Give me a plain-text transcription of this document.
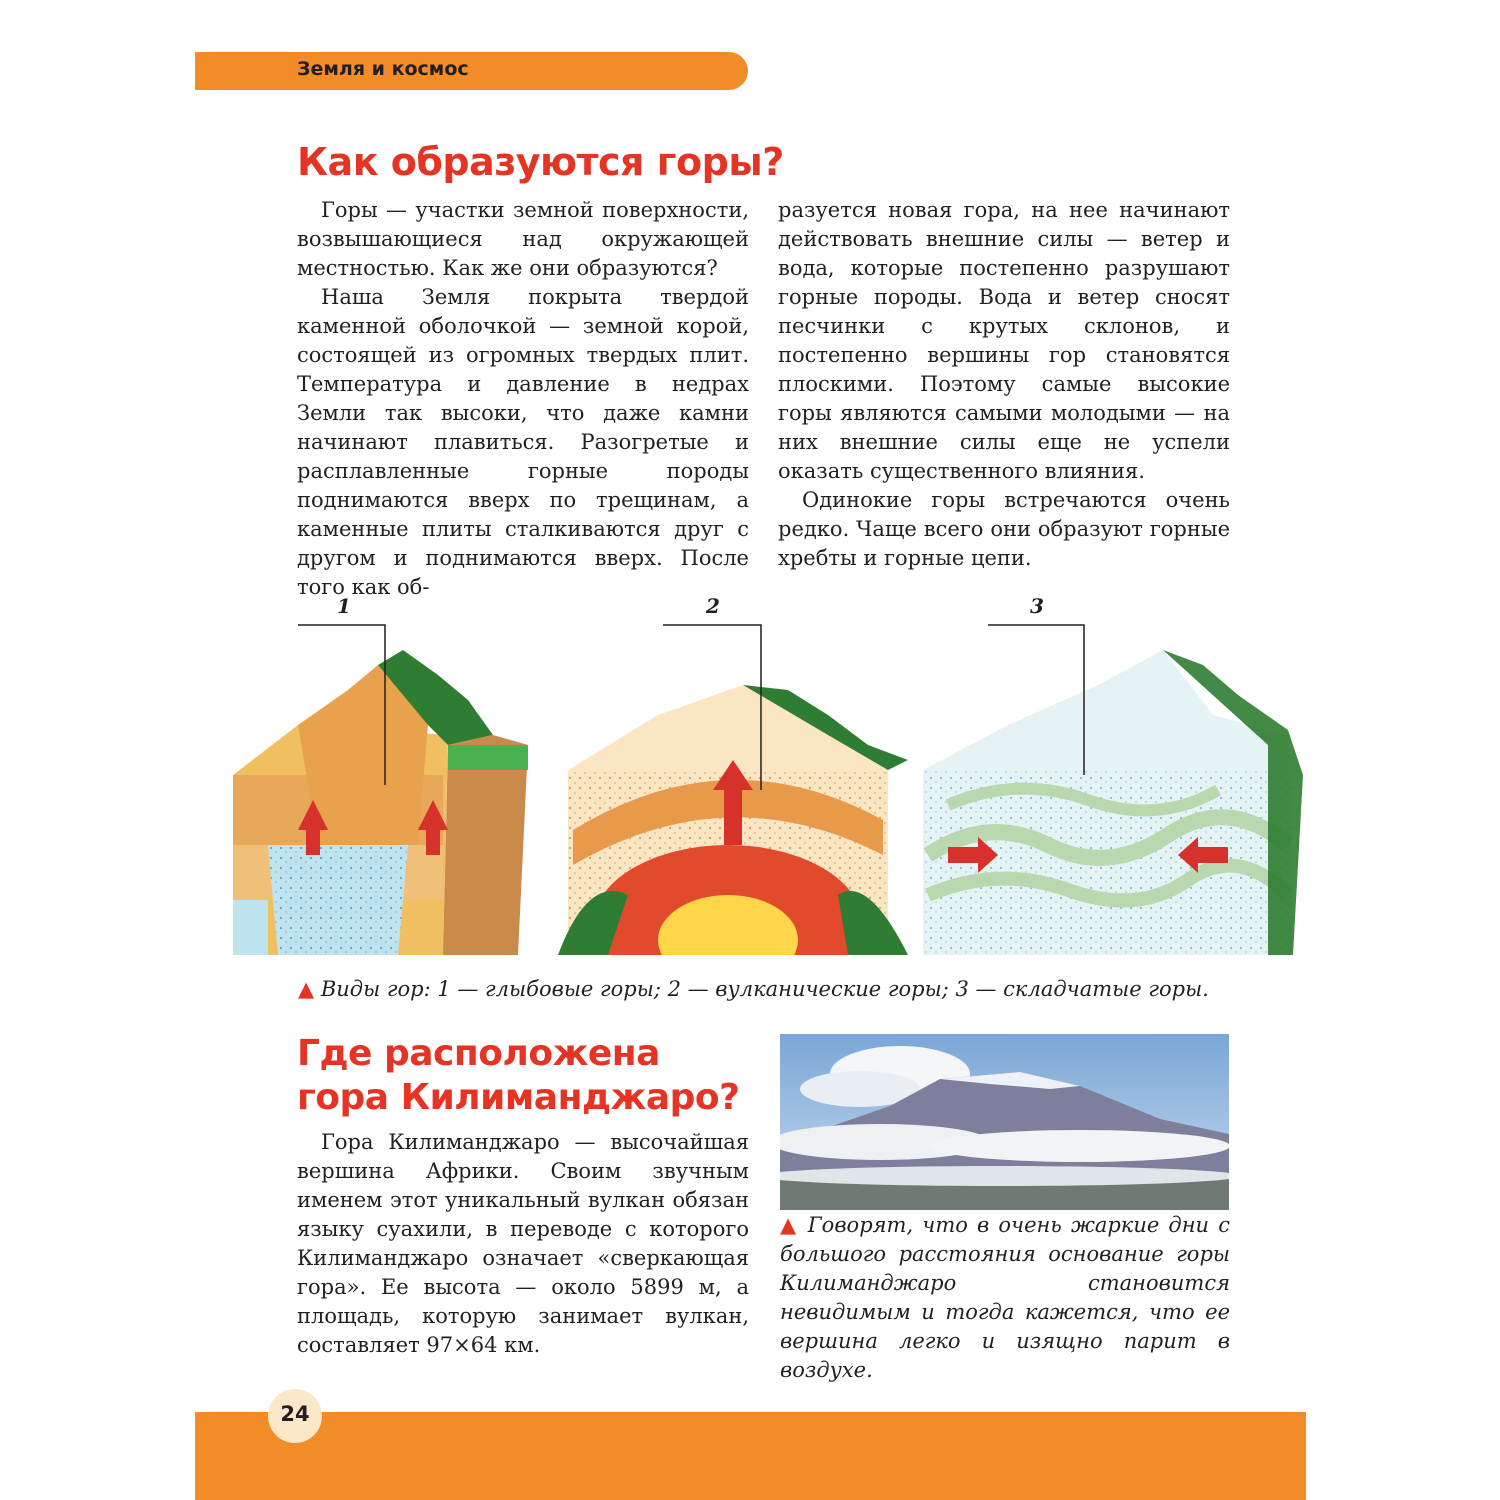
Земля и космос
Как образуются горы?

Горы — участки земной поверхности, возвышающиеся над окружающей местностью. Как же они образуются?

Наша Земля покрыта твердой каменной оболочкой — земной корой, состоящей из огромных твердых плит. Температура и давление в недрах Земли так высоки, что даже камни начинают плавиться. Разогретые и расплавленные горные породы поднимаются вверх по трещинам, а каменные плиты сталкиваются друг с другом и поднимаются вверх. После того как об-

разуется новая гора, на нее начинают действовать внешние силы — ветер и вода, которые постепенно разрушают горные породы. Вода и ветер сносят песчинки с крутых склонов, и постепенно вершины гор становятся плоскими. Поэтому самые высокие горы являются самыми молодыми — на них внешние силы еще не успели оказать существенного влияния.

Одинокие горы встречаются очень редко. Чаще всего они образуют горные хребты и горные цепи.

1	2	3
▲ Виды гор: 1 — глыбовые горы; 2 — вулканические горы; 3 — складчатые горы.
Где расположена
гора Килиманджаро?

Гора Килиманджаро — высочайшая вершина Африки. Своим звучным именем этот уникальный вулкан обязан языку суахили, в переводе с которого Килиманджаро означает «сверкающая гора». Ее высота — около 5899 м, а площадь, которую занимает вулкан, составляет 97×64 км.

▲ Говорят, что в очень жаркие дни с большого расстояния основание горы Килиманджаро становится невидимым и тогда кажется, что ее вершина легко и изящно парит в воздухе.
24
